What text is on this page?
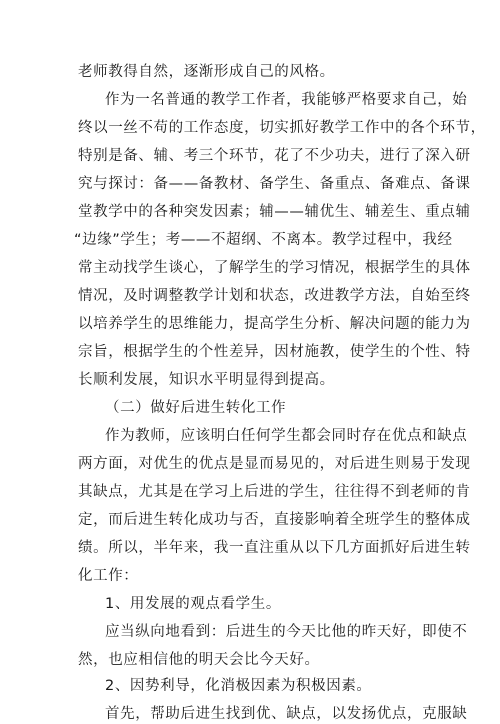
老师教得自然，逐渐形成自己的风格。
作为一名普通的教学工作者，我能够严格要求自己，始
终以一丝不苟的工作态度，切实抓好教学工作中的各个环节，
特别是备、辅、考三个环节，花了不少功夫，进行了深入研
究与探讨：备——备教材、备学生、备重点、备难点、备课
堂教学中的各种突发因素；辅——辅优生、辅差生、重点辅
“边缘”学生；考——不超纲、不离本。教学过程中，我经
常主动找学生谈心，了解学生的学习情况，根据学生的具体
情况，及时调整教学计划和状态，改进教学方法，自始至终
以培养学生的思维能力，提高学生分析、解决问题的能力为
宗旨，根据学生的个性差异，因材施教，使学生的个性、特
长顺利发展，知识水平明显得到提高。
（二）做好后进生转化工作
作为教师，应该明白任何学生都会同时存在优点和缺点
两方面，对优生的优点是显而易见的，对后进生则易于发现
其缺点，尤其是在学习上后进的学生，往往得不到老师的肯
定，而后进生转化成功与否，直接影响着全班学生的整体成
绩。所以，半年来，我一直注重从以下几方面抓好后进生转
化工作：
1、用发展的观点看学生。
应当纵向地看到：后进生的今天比他的昨天好，即使不
然，也应相信他的明天会比今天好。
2、因势利导，化消极因素为积极因素。
首先，帮助后进生找到优、缺点，以发扬优点，克服缺
